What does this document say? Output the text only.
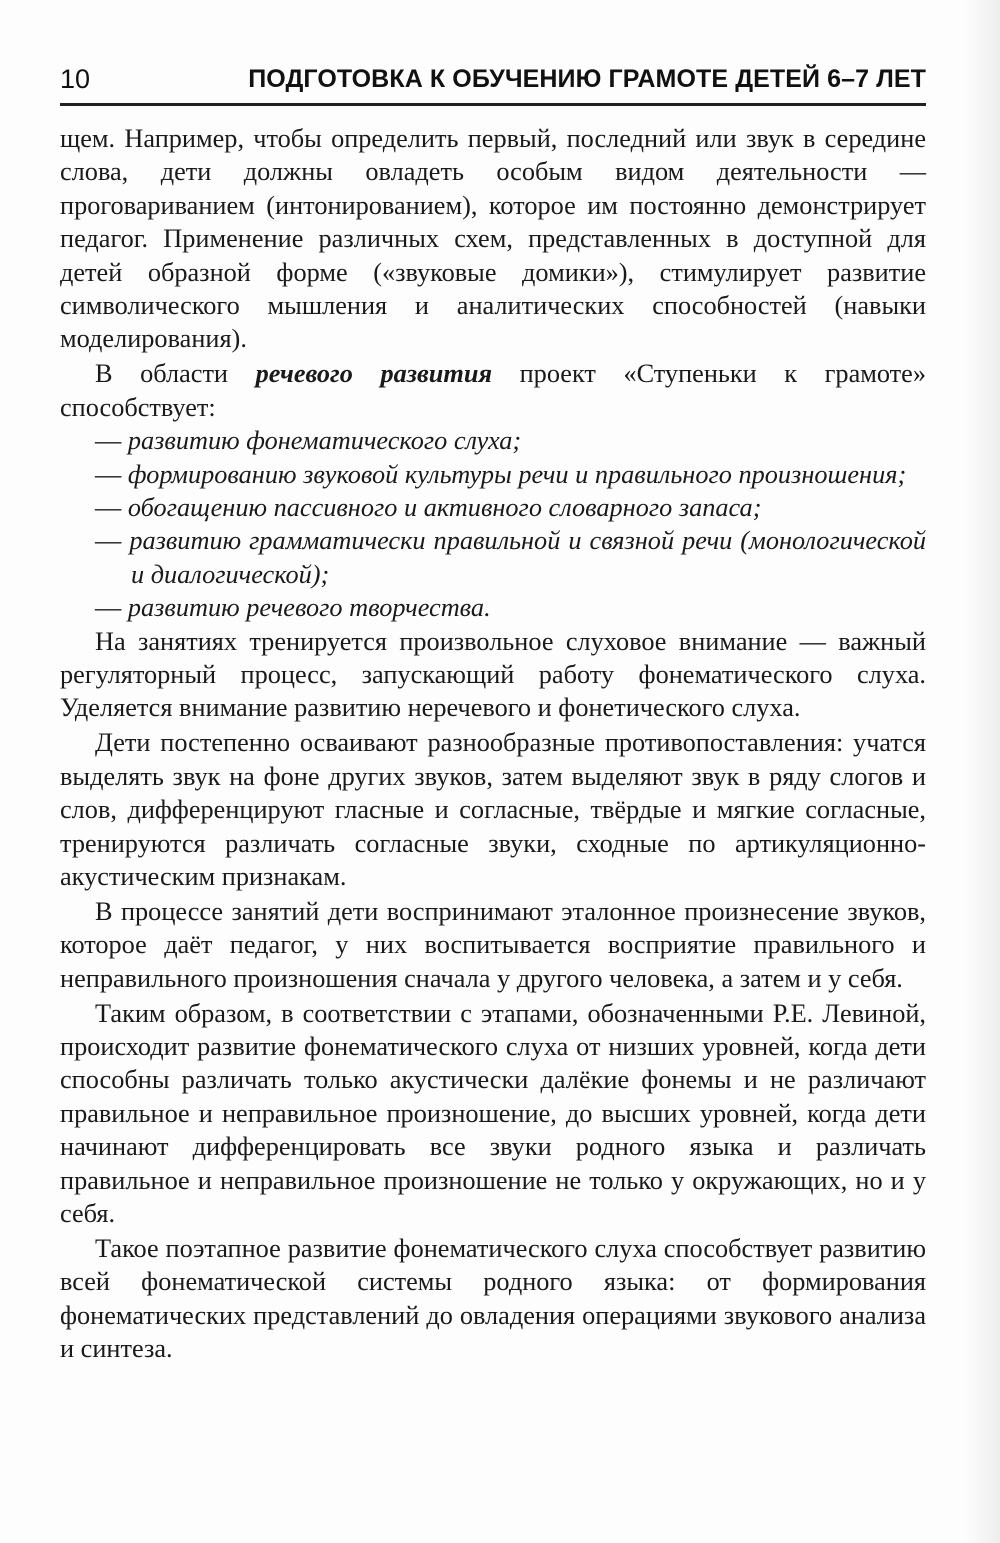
10	ПОДГОТОВКА К ОБУЧЕНИЮ ГРАМОТЕ ДЕТЕЙ 6–7 ЛЕТ

щем. Например, чтобы определить первый, последний или звук в середине слова, дети должны овладеть особым видом деятельности — проговариванием (интонированием), которое им постоянно демонстрирует педагог. Применение различных схем, представленных в доступной для детей образной форме («звуковые домики»), стимулирует развитие символического мышления и аналитических способностей (навыки моделирования).

В области речевого развития проект «Ступеньки к грамоте» способствует:

— развитию фонематического слуха;
— формированию звуковой культуры речи и правильного произношения;
— обогащению пассивного и активного словарного запаса;
— развитию грамматически правильной и связной речи (монологической и диалогической);
— развитию речевого творчества.

На занятиях тренируется произвольное слуховое внимание — важный регуляторный процесс, запускающий работу фонематического слуха. Уделяется внимание развитию неречевого и фонетического слуха.

Дети постепенно осваивают разнообразные противопоставления: учатся выделять звук на фоне других звуков, затем выделяют звук в ряду слогов и слов, дифференцируют гласные и согласные, твёрдые и мягкие согласные, тренируются различать согласные звуки, сходные по артикуляционно-акустическим признакам.

В процессе занятий дети воспринимают эталонное произнесение звуков, которое даёт педагог, у них воспитывается восприятие правильного и неправильного произношения сначала у другого человека, а затем и у себя.

Таким образом, в соответствии с этапами, обозначенными Р.Е. Левиной, происходит развитие фонематического слуха от низших уровней, когда дети способны различать только акустически далёкие фонемы и не различают правильное и неправильное произношение, до высших уровней, когда дети начинают дифференцировать все звуки родного языка и различать правильное и неправильное произношение не только у окружающих, но и у себя.

Такое поэтапное развитие фонематического слуха способствует развитию всей фонематической системы родного языка: от формирования фонематических представлений до овладения операциями звукового анализа и синтеза.
